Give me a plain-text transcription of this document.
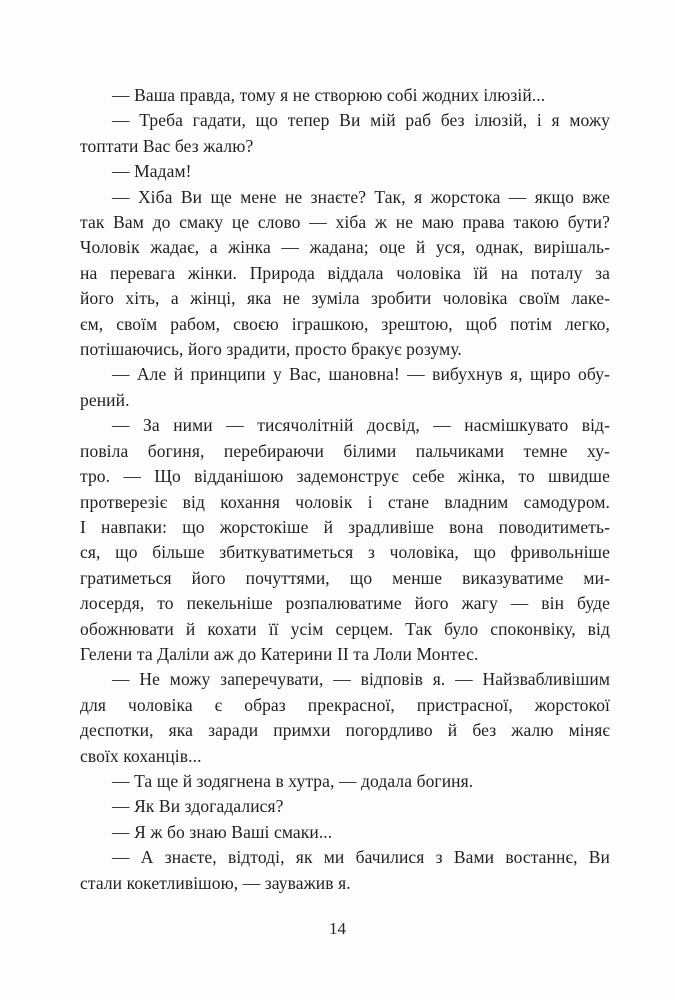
— Ваша правда, тому я не створюю собі жодних ілюзій...

— Треба гадати, що тепер Ви мій раб без ілюзій, і я можу
топтати Вас без жалю?

— Мадам!

— Хіба Ви ще мене не знаєте? Так, я жорстока — якщо вже
так Вам до смаку це слово — хіба ж не маю права такою бути?
Чоловік жадає, а жінка — жадана; оце й уся, однак, вирішаль-
на перевага жінки. Природа віддала чоловіка їй на поталу за
його хіть, а жінці, яка не зуміла зробити чоловіка своїм лаке-
єм, своїм рабом, своєю іграшкою, зрештою, щоб потім легко,
потішаючись, його зрадити, просто бракує розуму.

— Але й принципи у Вас, шановна! — вибухнув я, щиро обу-
рений.

— За ними — тисячолітній досвід, — насмішкувато від-
повіла богиня, перебираючи білими пальчиками темне ху-
тро. — Що відданішою задемонструє себе жінка, то швидше
протверезіє від кохання чоловік і стане владним самодуром.
І навпаки: що жорстокіше й зрадливіше вона поводитиметь-
ся, що більше збиткуватиметься з чоловіка, що фривольніше
гратиметься його почуттями, що менше виказуватиме ми-
лосердя, то пекельніше розпалюватиме його жагу — він буде
обожнювати й кохати її усім серцем. Так було споконвіку, від
Гелени та Даліли аж до Катерини II та Лоли Монтес.

— Не можу заперечувати, — відповів я. — Найзвабливішим
для чоловіка є образ прекрасної, пристрасної, жорстокої
деспотки, яка заради примхи погордливо й без жалю міняє
своїх коханців...

— Та ще й зодягнена в хутра, — додала богиня.

— Як Ви здогадалися?

— Я ж бо знаю Ваші смаки...

— А знаєте, відтоді, як ми бачилися з Вами востаннє, Ви
стали кокетливішою, — зауважив я.

14
